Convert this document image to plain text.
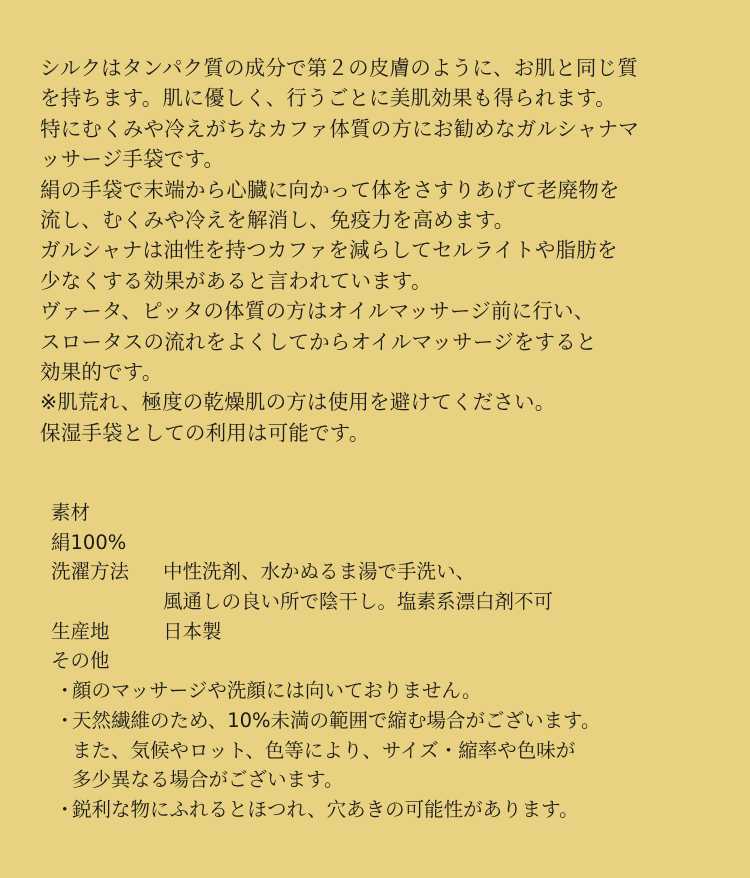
シルクはタンパク質の成分で第２の皮膚のように、お肌と同じ質
を持ちます。肌に優しく、行うごとに美肌効果も得られます。
特にむくみや冷えがちなカファ体質の方にお勧めなガルシャナマ
ッサージ手袋です。
絹の手袋で末端から心臓に向かって体をさすりあげて老廃物を
流し、むくみや冷えを解消し、免疫力を高めます。
ガルシャナは油性を持つカファを減らしてセルライトや脂肪を
少なくする効果があると言われています。
ヴァータ、ピッタの体質の方はオイルマッサージ前に行い、
スロータスの流れをよくしてからオイルマッサージをすると
効果的です。
※肌荒れ、極度の乾燥肌の方は使用を避けてください。
保湿手袋としての利用は可能です。
素材
絹100%
洗濯方法 中性洗剤、水かぬるま湯で手洗い、
風通しの良い所で陰干し。塩素系漂白剤不可
生産地	日本製
その他
・
顔のマッサージや洗顔には向いておりません。
・
天然繊維のため、10%未満の範囲で縮む場合がございます。
また、気候やロット、色等により、サイズ・縮率や色味が
多少異なる場合がございます。
・
鋭利な物にふれるとほつれ、穴あきの可能性があります。
